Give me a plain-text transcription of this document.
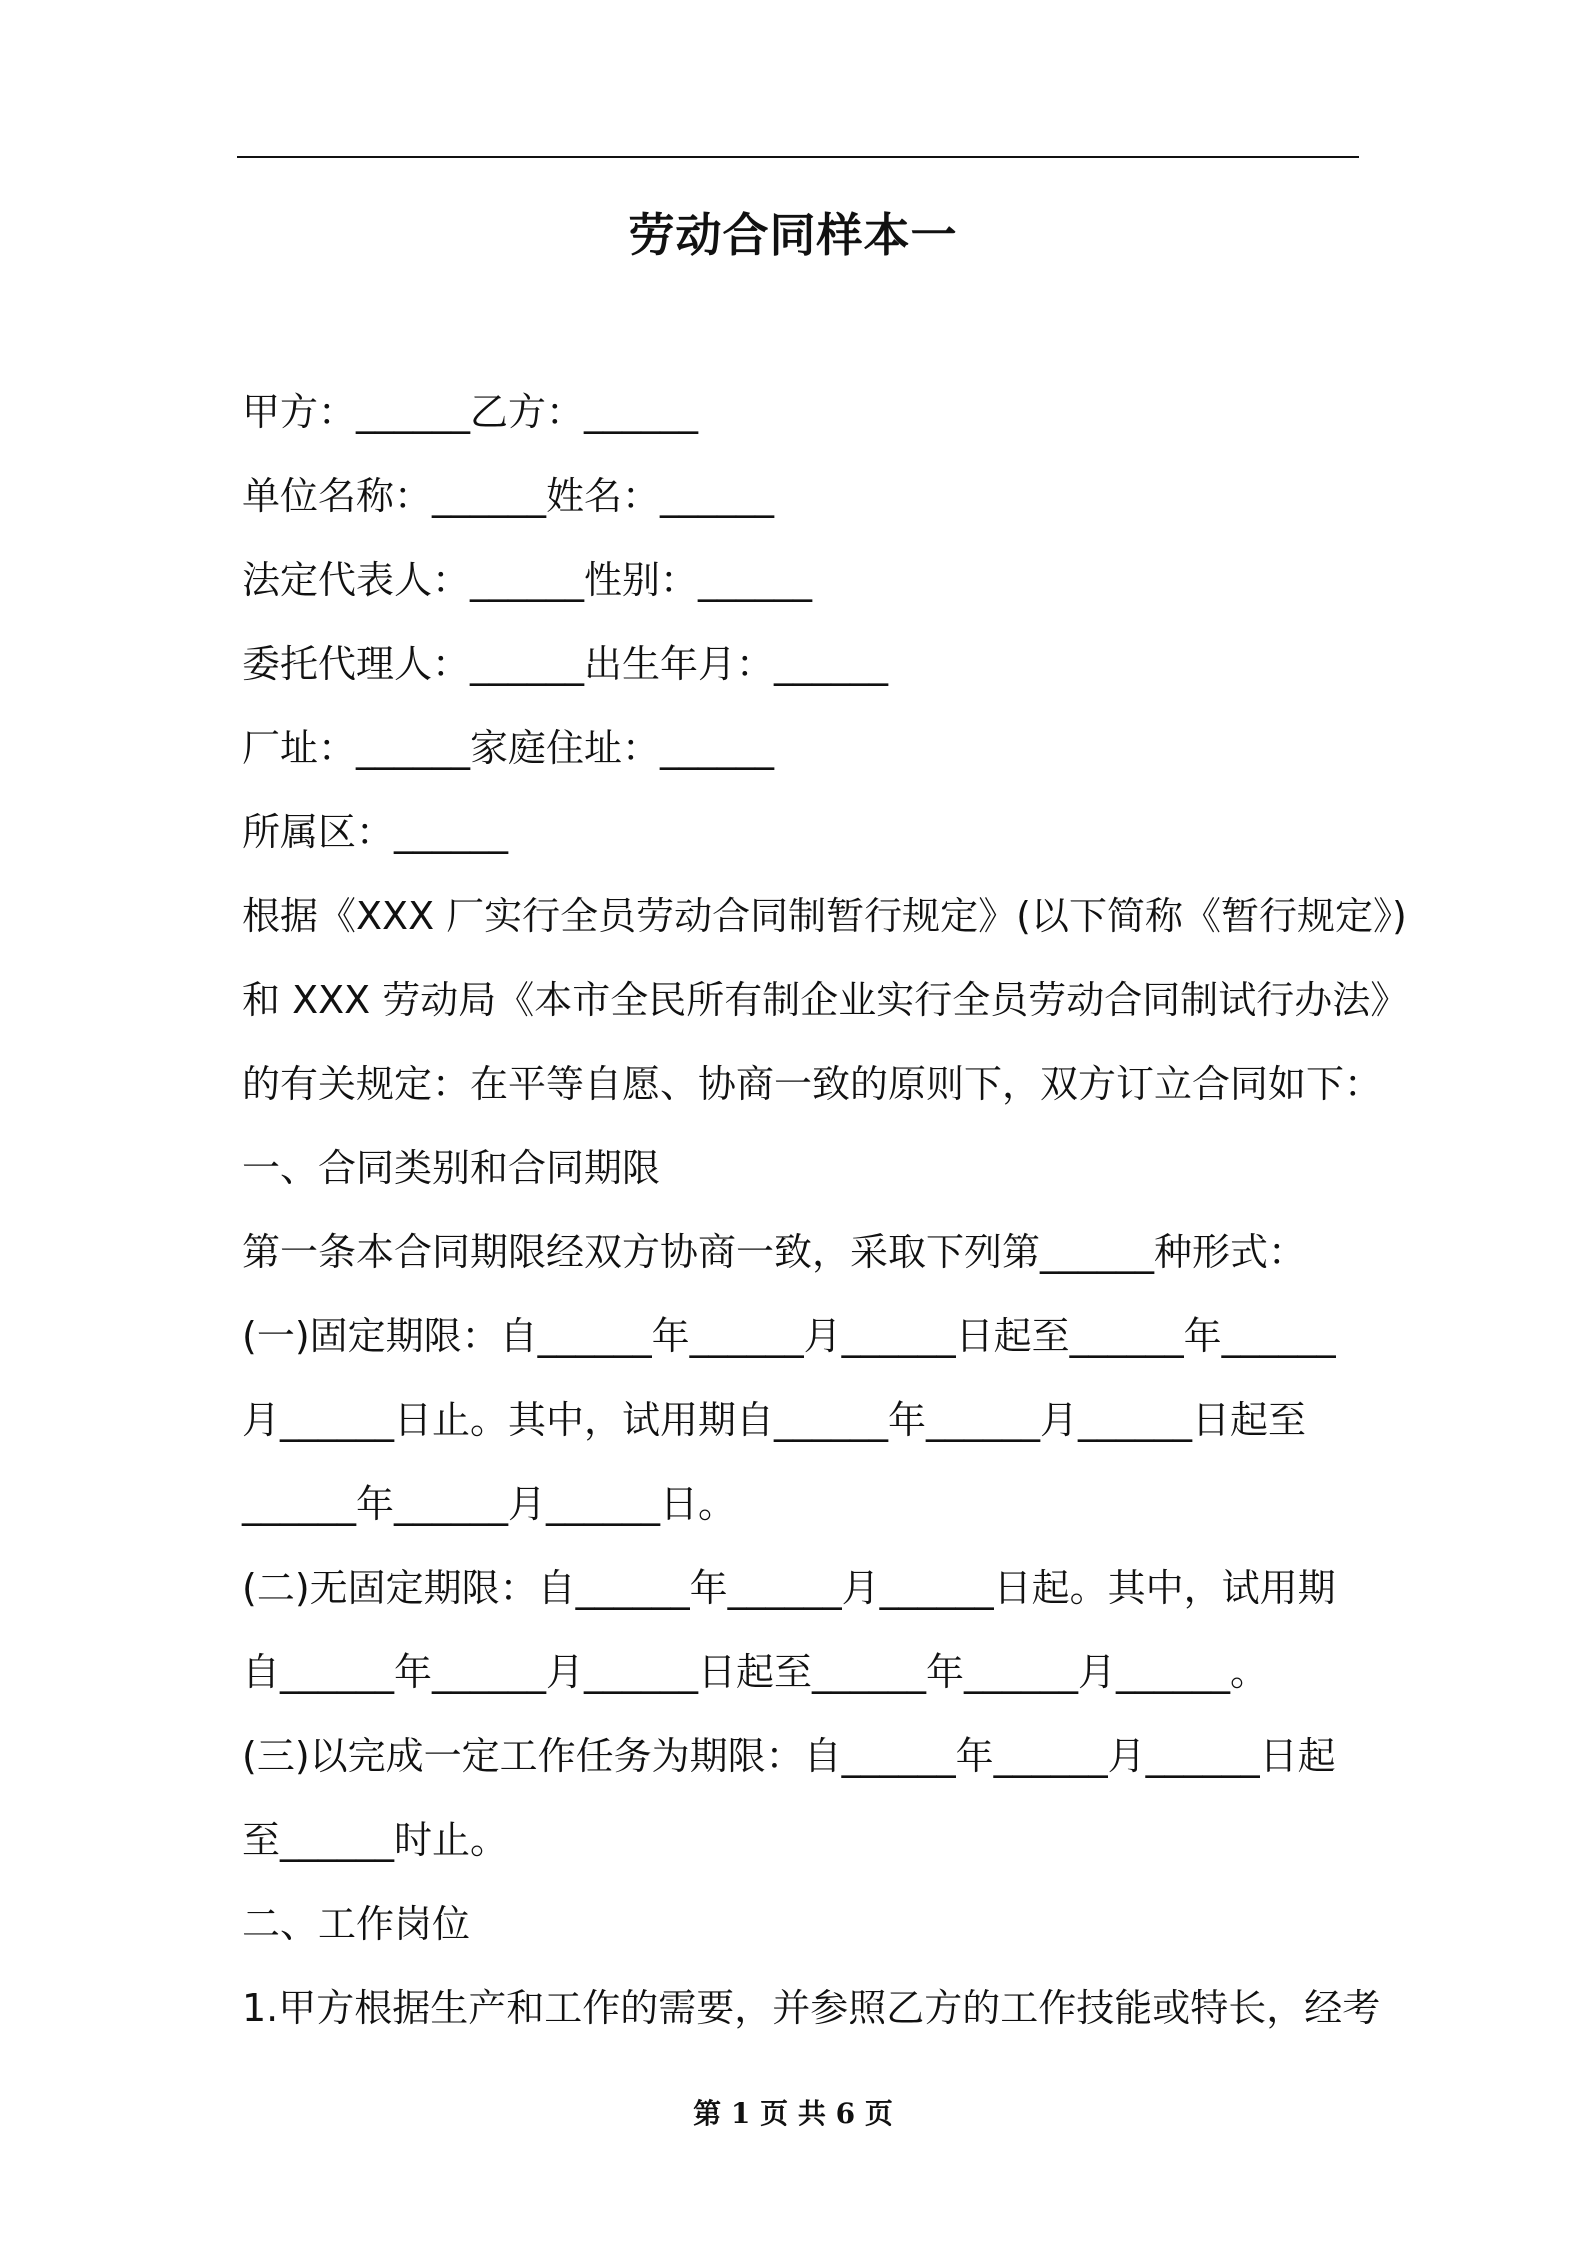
劳动合同样本一
甲方：______乙方：______
单位名称：______姓名：______
法定代表人：______性别：______
委托代理人：______出生年月：______
厂址：______家庭住址：______
所属区：______
根据《XXX 厂实行全员劳动合同制暂行规定》(以下简称《暂行规定》)
和 XXX 劳动局《本市全民所有制企业实行全员劳动合同制试行办法》
的有关规定：在平等自愿、协商一致的原则下，双方订立合同如下：
一、合同类别和合同期限
第一条本合同期限经双方协商一致，采取下列第______种形式：
(一)固定期限：自______年______月______日起至______年______
月______日止。其中，试用期自______年______月______日起至
______年______月______日。
(二)无固定期限：自______年______月______日起。其中，试用期
自______年______月______日起至______年______月______。
(三)以完成一定工作任务为期限：自______年______月______日起
至______时止。
二、工作岗位
1.甲方根据生产和工作的需要，并参照乙方的工作技能或特长，经考
第 1 页 共 6 页
